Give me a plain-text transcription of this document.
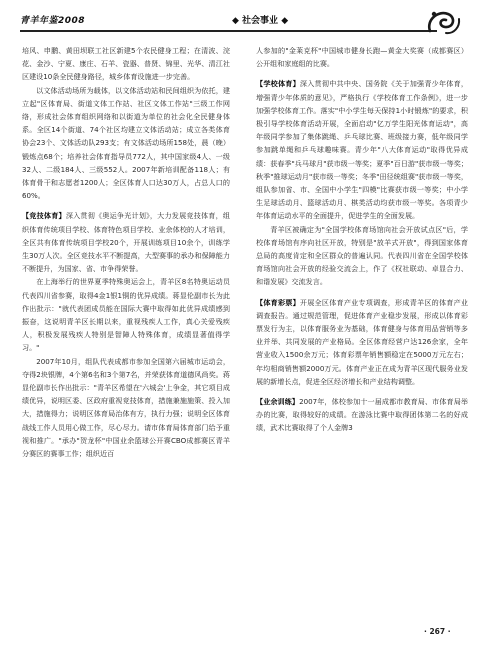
青羊年鉴2008	◆ 社会事业 ◆

培风、申鹏、黄田坝联工社区新建5个农民健身工程；在清波、浣花、金沙、宁夏、康庄、石羊、瓷器、普贤、锦里、光华、清江社区建设10条全民健身路径，城乡体育设施进一步完善。

以文体活动场所为载体，以文体活动站和民间组织为依托，建立起"区体育局、街道文体工作站、社区文体工作站"三级工作网络，形成社会体育组织网络和以街道为单位的社会化全民健身体系。全区14个街道、74个社区均建立文体活动站；成立各类体育协会23个、文体活动队293支；有文体活动场所158处，晨（晚）锻炼点68个；培养社会体育指导员772人，其中国家级4人、一级32人、二级184人、三级552人。2007年新培训配备118人；有体育骨干和志愿者1200人；全区体育人口达30万人，占总人口的60%。

【竞技体育】深入贯彻《奥运争光计划》，大力发展竞技体育，组织体育传统项目学校、体育特色项目学校、业余体校的人才培训，全区共有体育传统项目学校20个，开展训练项目10余个，训练学生30万人次。全区竞技水平不断提高，大型赛事的承办和保障能力不断提升，为国家、省、市争得荣誉。

在上海举行的世界夏季特殊奥运会上，青羊区8名特奥运动员代表四川省参赛，取得4金1银1铜的优异成绩。蒋显伦副市长为此作出批示："就代表团成员能在国际大赛中取得如此优异成绩感到振奋，这说明青羊区长期以来，重视残疾人工作，真心关爱残疾人，积极发展残疾人特别是智障人特殊体育，成绩显著值得学习。"

2007年10月，组队代表成都市参加全国第六届城市运动会，夺得2块银牌，4个第6名和3个第7名，并荣获体育道德风尚奖。蒋显伦副市长作出批示："青羊区希望在'六城会'上争金，其它项目成绩优异，说明区委、区政府重视竞技体育，措施兼施施策、投入加大，措施得力；说明区体育局治体有方，执行力强；说明全区体育战线工作人员用心做工作，尽心尽力。请市体育局体育部门给予重视和推广。"承办"贺龙杯"中国业余篮球公开赛CBO成都赛区青羊分赛区的赛事工作；组织近百

人参加的"金莱克杯"中国城市健身长跑—黄金大奖赛（成都赛区）公开组和家庭组的比赛。

【学校体育】深入贯彻中共中央、国务院《关于加强青少年体育，增强青少年体质的意见》，严格执行《学校体育工作条例》，进一步加强学校体育工作。落实"中小学生每天保持1小时锻炼"的要求，积极引导学校体育活动开展，全面启动"亿万学生阳光体育运动"，高年级同学参加了集体跳绳、乒乓球比赛、班级接力赛，低年级同学参加跳单绳和乒乓球趣味赛。青少年"八大体育运动"取得优异成绩：获春季"兵马球月"获市级一等奖；夏季"百日游"获市级一等奖；秋季"推球运动月"获市级一等奖；冬季"田径统组赛"获市级一等奖，组队参加省、市、全国中小学生"四模"比赛获市级一等奖；中小学生足球活动月、篮球活动月、棋类活动均获市级一等奖。各项青少年体育运动水平的全面提升，促进学生的全面发展。

青羊区被确定为"全国学校体育场馆向社会开放试点区"后，学校体育场馆有序向社区开放，特别是"放羊式开放"，得到国家体育总局的高度肯定和全区群众的普遍认同。代表四川省在全国学校体育场馆向社会开放的经验交流会上，作了《权社联动、卓显合力、和谐发展》交流发言。

【体育彩票】开展全区体育产业专项调查，形成青羊区的体育产业调查报告。通过规范管理，促进体育产业稳步发展，形成以体育彩票发行为主，以体育服务业为基础，体育健身与体育用品营销等多业并举、共同发展的产业格局。全区体育经营户达126余家，全年营业收入1500余万元；体育彩票年销售额稳定在5000万元左右；年均相商销售额2000万元。体育产业正在成为青羊区现代服务业发展的新增长点，促进全区经济增长和产业结构调整。

【业余训练】2007年，体校参加十一届成都市教育局、市体育局举办的比赛，取得较好的成绩。在游泳比赛中取得团体第二名的好成绩，武术比赛取得了个人金牌3

· 267 ·
